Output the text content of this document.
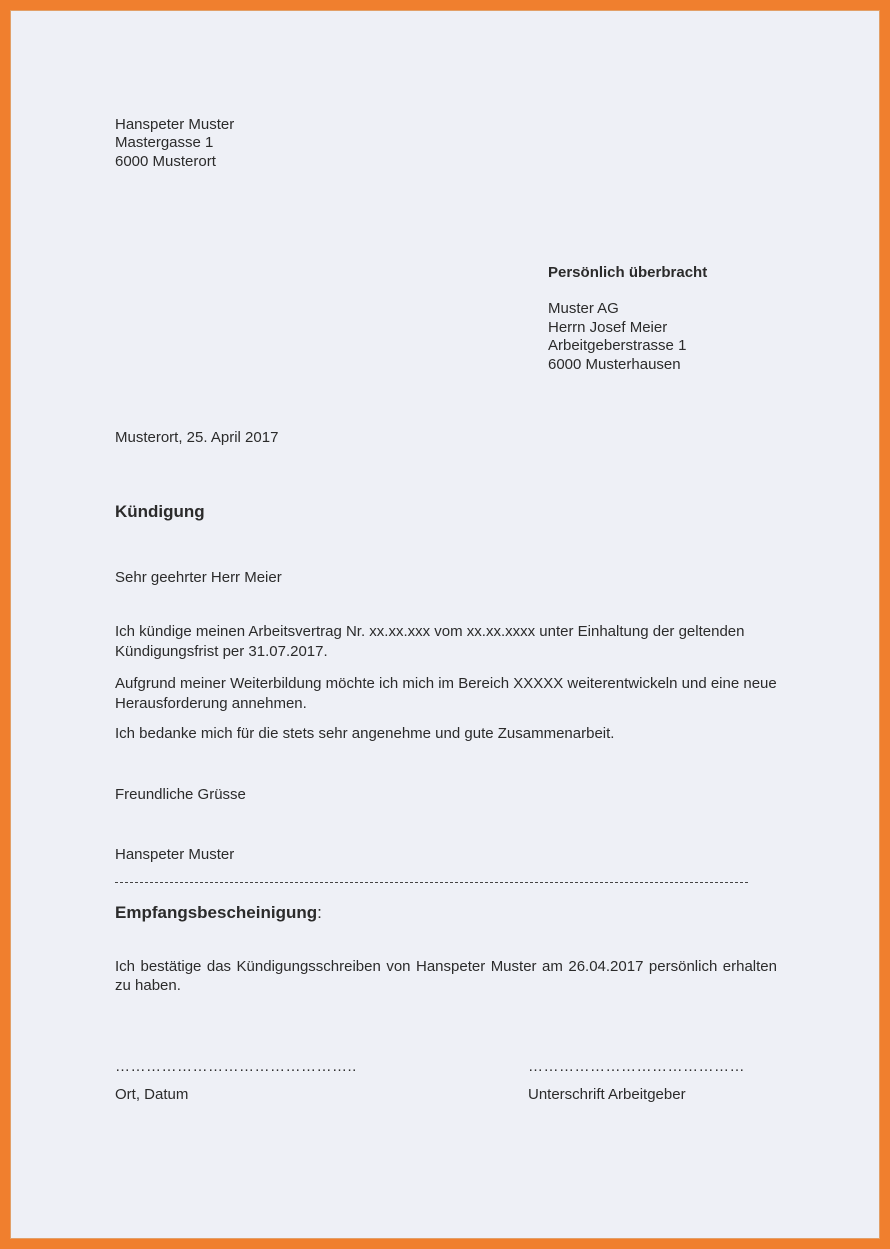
Hanspeter Muster
Mastergasse 1
6000 Musterort
Persönlich überbracht
Muster AG
Herrn Josef Meier
Arbeitgeberstrasse 1
6000 Musterhausen
Musterort, 25. April 2017
Kündigung
Sehr geehrter Herr Meier
Ich kündige meinen Arbeitsvertrag Nr. xx.xx.xxx vom xx.xx.xxxx unter Einhaltung der geltenden Kündigungsfrist per 31.07.2017.
Aufgrund meiner Weiterbildung möchte ich mich im Bereich XXXXX weiterentwickeln und eine neue Herausforderung annehmen.
Ich bedanke mich für die stets sehr angenehme und gute Zusammenarbeit.
Freundliche Grüsse
Hanspeter Muster
Empfangsbescheinigung:
Ich bestätige das Kündigungsschreiben von Hanspeter Muster am 26.04.2017 persönlich erhalten zu haben.
………………………………………..	……………………………………
Ort, Datum	Unterschrift Arbeitgeber
